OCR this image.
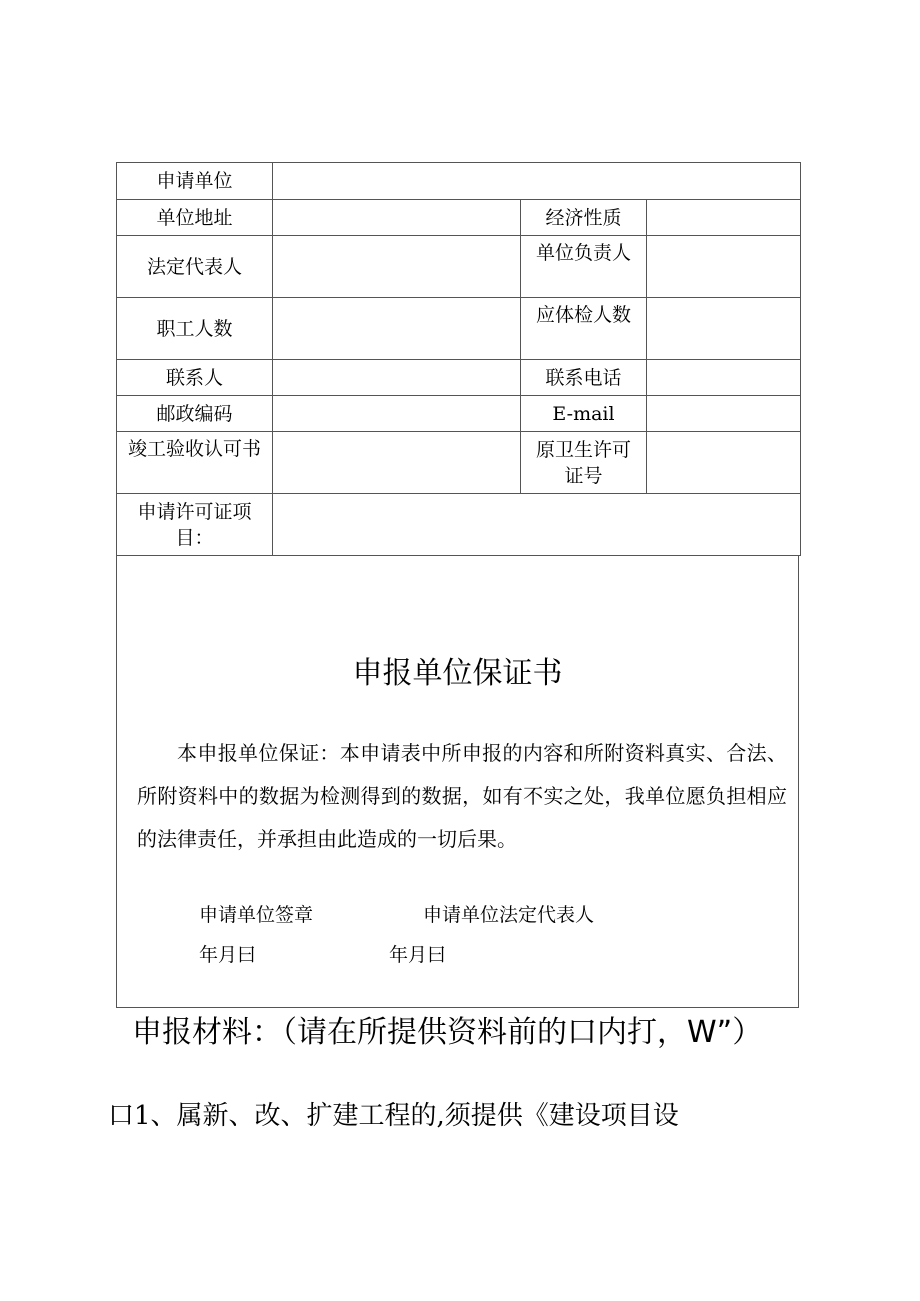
申请单位			
单位地址		经济性质	
法定代表人		单位负责人	
职工人数		应体检人数	
联系人		联系电话	
邮政编码		E-mail	
竣工验收认可书		原卫生许可
证号	

申请许可证项
目：			

申报单位保证书
本申报单位保证：本申请表中所申报的内容和所附资料真实、合法、所附资料中的数据为检测得到的数据，如有不实之处，我单位愿负担相应的法律责任，并承担由此造成的一切后果。
申请单位签章	申请单位法定代表人
年月曰	年月曰
申报材料：（请在所提供资料前的口内打，W”）
口1、属新、改、扩建工程的,须提供《建设项目设
